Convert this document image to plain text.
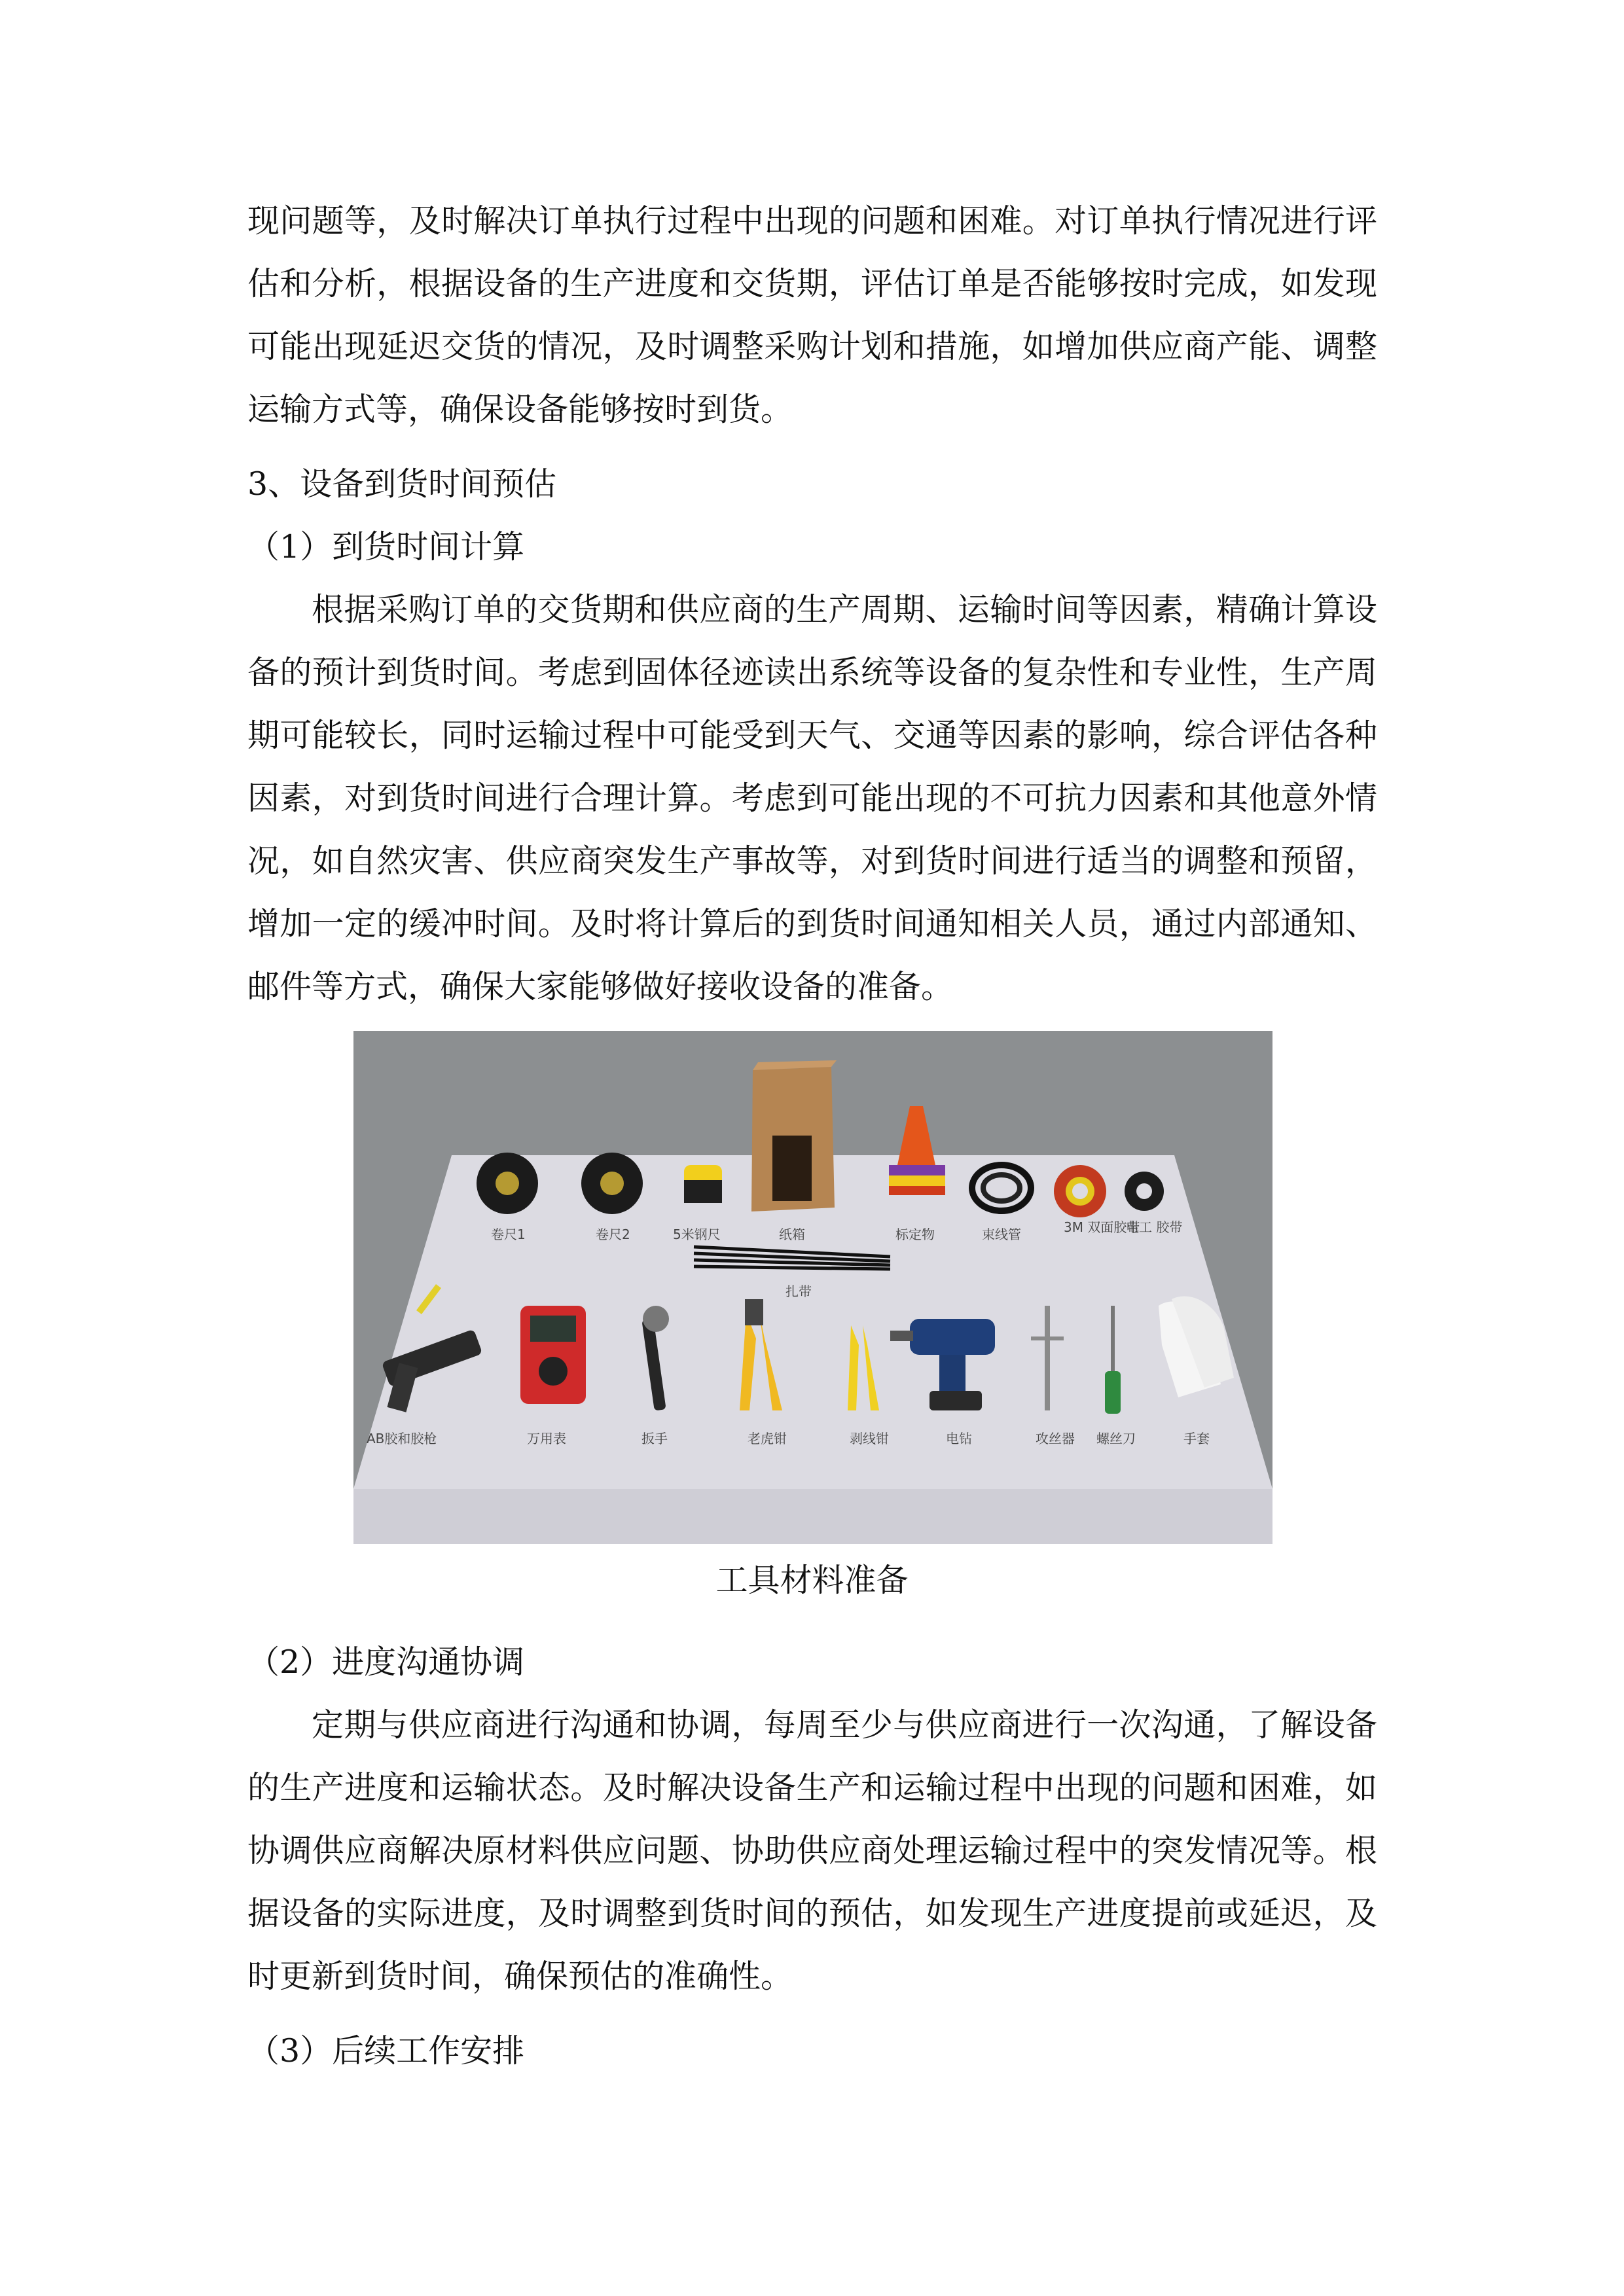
现问题等，及时解决订单执行过程中出现的问题和困难。对订单执行情况进行评估和分析，根据设备的生产进度和交货期，评估订单是否能够按时完成，如发现可能出现延迟交货的情况，及时调整采购计划和措施，如增加供应商产能、调整运输方式等，确保设备能够按时到货。

3、设备到货时间预估

（1）到货时间计算

根据采购订单的交货期和供应商的生产周期、运输时间等因素，精确计算设备的预计到货时间。考虑到固体径迹读出系统等设备的复杂性和专业性，生产周期可能较长，同时运输过程中可能受到天气、交通等因素的影响，综合评估各种因素，对到货时间进行合理计算。考虑到可能出现的不可抗力因素和其他意外情况，如自然灾害、供应商突发生产事故等，对到货时间进行适当的调整和预留，增加一定的缓冲时间。及时将计算后的到货时间通知相关人员，通过内部通知、邮件等方式，确保大家能够做好接收设备的准备。

卷尺1	卷尺2	5米钢尺	纸箱	标定物	束线管	3M 双面胶带
电工 胶带
扎带
AB胶和胶枪	万用表	扳手	老虎钳	剥线钳	电钻	攻丝器 螺丝刀	手套
工具材料准备

（2）进度沟通协调

定期与供应商进行沟通和协调，每周至少与供应商进行一次沟通，了解设备的生产进度和运输状态。及时解决设备生产和运输过程中出现的问题和困难，如协调供应商解决原材料供应问题、协助供应商处理运输过程中的突发情况等。根据设备的实际进度，及时调整到货时间的预估，如发现生产进度提前或延迟，及时更新到货时间，确保预估的准确性。

（3）后续工作安排
